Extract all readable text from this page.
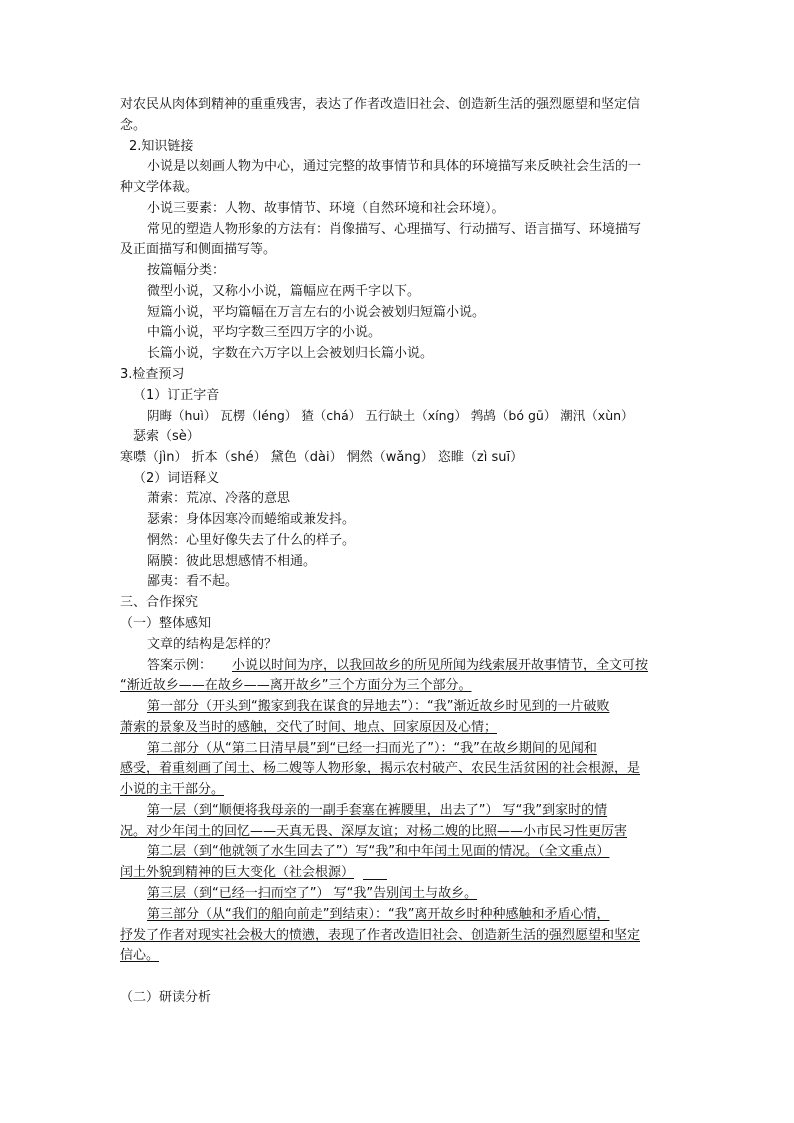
对农民从肉体到精神的重重残害，表达了作者改造旧社会、创造新生活的强烈愿望和坚定信
念。
2.知识链接
小说是以刻画人物为中心，通过完整的故事情节和具体的环境描写来反映社会生活的一
种文学体裁。
小说三要素：人物、故事情节、环境（自然环境和社会环境）。
常见的塑造人物形象的方法有：肖像描写、心理描写、行动描写、语言描写、环境描写
及正面描写和侧面描写等。
按篇幅分类：
微型小说，又称小小说，篇幅应在两千字以下。
短篇小说，平均篇幅在万言左右的小说会被划归短篇小说。
中篇小说，平均字数三至四万字的小说。
长篇小说，字数在六万字以上会被划归长篇小说。
3.检查预习
（1）订正字音
阴晦（huì） 瓦楞（léng） 猹（chá） 五行缺土（xíng） 鹁鸪（bó gū） 潮汛（xùn）
瑟索（sè）
寒噤（jìn） 折本（shé） 黛色（dài） 惘然（wǎng） 恣睢（zì suī）
（2）词语释义
萧索：荒凉、冷落的意思
瑟索：身体因寒冷而蜷缩或兼发抖。
惘然：心里好像失去了什么的样子。
隔膜：彼此思想感情不相通。
鄙夷：看不起。
三、合作探究
（一）整体感知
文章的结构是怎样的？
答案示例： 小说以时间为序，以我回故乡的所见所闻为线索展开故事情节，全文可按
“渐近故乡——在故乡——离开故乡”三个方面分为三个部分。
第一部分（开头到“搬家到我在谋食的异地去”）：“我”渐近故乡时见到的一片破败
萧索的景象及当时的感触，交代了时间、地点、回家原因及心情；
第二部分（从“第二日清早晨”到“已经一扫而光了”）：“我”在故乡期间的见闻和
感受，着重刻画了闰土、杨二嫂等人物形象，揭示农村破产、农民生活贫困的社会根源，是
小说的主干部分。
第一层（到“顺便将我母亲的一副手套塞在裤腰里，出去了”） 写“我”到家时的情
况。对少年闰土的回忆——天真无畏、深厚友谊；对杨二嫂的比照——小市民习性更厉害
第二层（到“他就领了水生回去了”）写“我”和中年闰土见面的情况。（全文重点）
闰土外貌到精神的巨大变化（社会根源）
第三层（到“已经一扫而空了”） 写“我”告别闰土与故乡。
第三部分（从“我们的船向前走”到结束）：“我”离开故乡时种种感触和矛盾心情，
抒发了作者对现实社会极大的愤懑，表现了作者改造旧社会、创造新生活的强烈愿望和坚定
信心。
（二）研读分析
